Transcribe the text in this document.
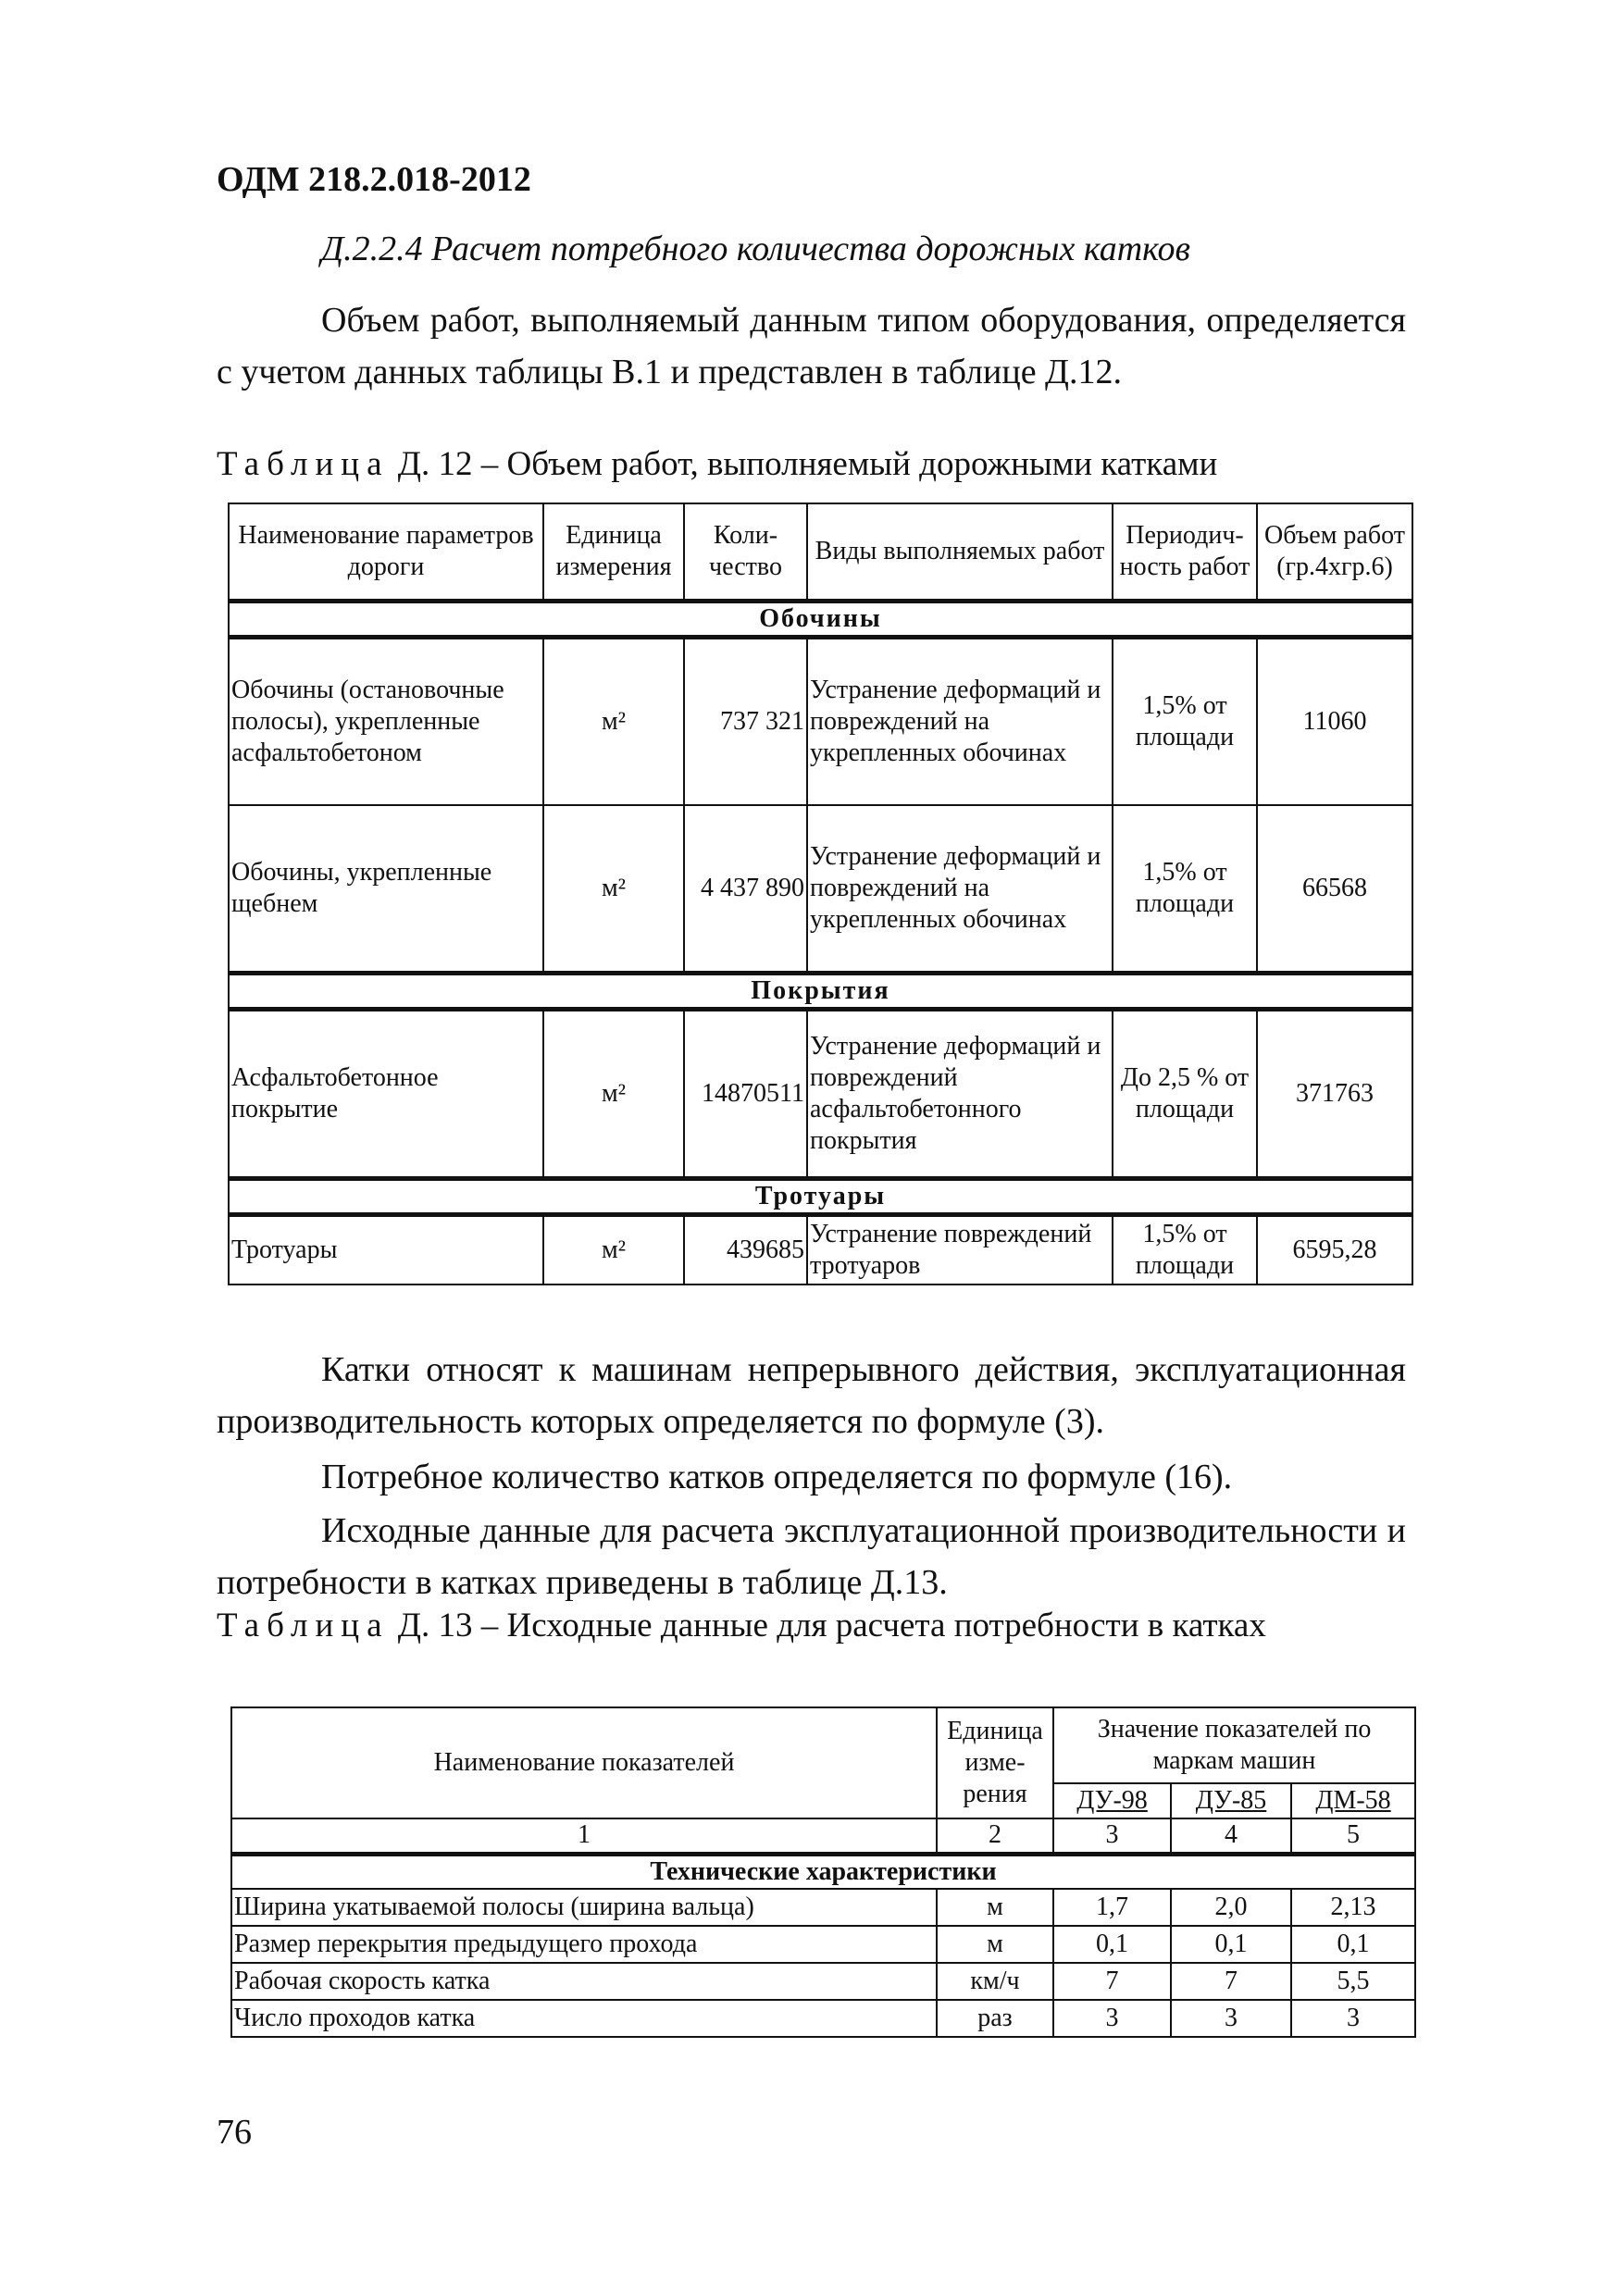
ОДМ 218.2.018-2012
Д.2.2.4 Расчет потребного количества дорожных катков
Объем работ, выполняемый данным типом оборудования, определяется с учетом данных таблицы В.1 и представлен в таблице Д.12.
Таблица Д. 12 – Объем работ, выполняемый дорожными катками
Наименование параметров дороги	Единица измерения	Коли-чество	Виды выполняемых работ	Периодич-ность работ	Объем работ (гр.4хгр.6)
Обочины					
Обочины (остановочные полосы), укрепленные асфальтобетоном	м²	737 321	Устранение деформаций и повреждений на укрепленных обочинах	1,5% от площади	11060
Обочины, укрепленные щебнем	м²	4 437 890	Устранение деформаций и повреждений на укрепленных обочинах	1,5% от площади	66568
Покрытия					
Асфальтобетонное покрытие	м²	14870511	Устранение деформаций и повреждений асфальтобетонного покрытия	До 2,5 % от площади	371763
Тротуары					
Тротуары	м²	439685	Устранение повреждений тротуаров	1,5% от площади	6595,28
Катки относят к машинам непрерывного действия, эксплуатационная производительность которых определяется по формуле (3).
Потребное количество катков определяется по формуле (16).
Исходные данные для расчета эксплуатационной производительности и потребности в катках приведены в таблице Д.13.
Таблица Д. 13 – Исходные данные для расчета потребности в катках
Наименование показателей	Единица изме-рения	Значение показателей по маркам машин		
		ДУ-98	ДУ-85	ДМ-58
1	2	3	4	5
Технические характеристики				
Ширина укатываемой полосы (ширина вальца)	м	1,7	2,0	2,13
Размер перекрытия предыдущего прохода	м	0,1	0,1	0,1
Рабочая скорость катка	км/ч	7	7	5,5
Число проходов катка	раз	3	3	3
76
